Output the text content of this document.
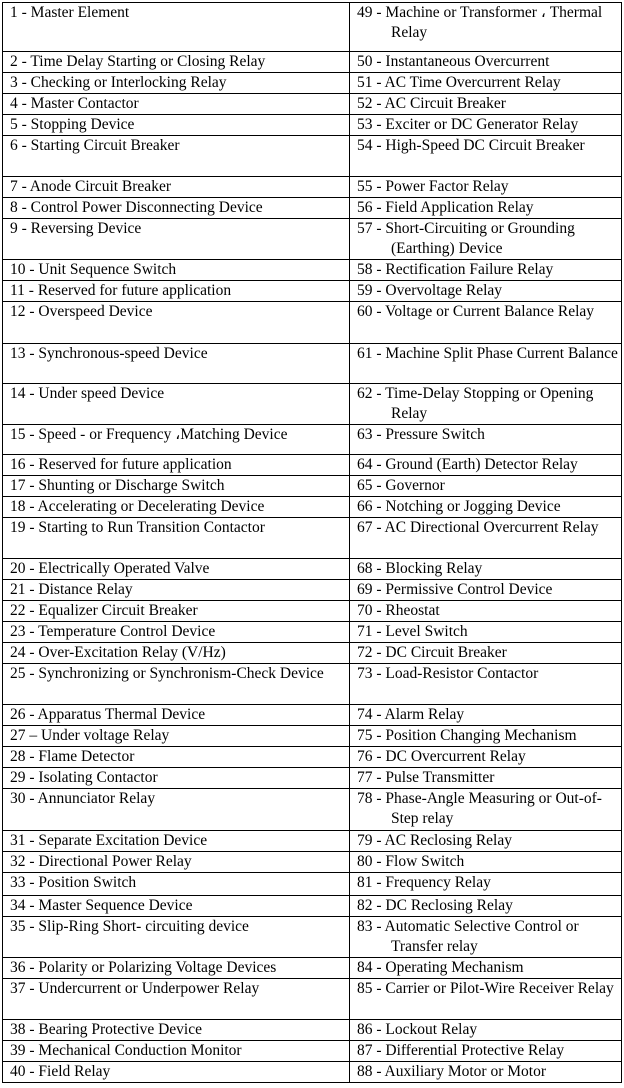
1 - Master Element	49 - Machine or Transformer ، Thermal Relay

2 - Time Delay Starting or Closing Relay	50 - Instantaneous Overcurrent

3 - Checking or Interlocking Relay	51 - AC Time Overcurrent Relay

4 - Master Contactor	52 - AC Circuit Breaker

5 - Stopping Device	53 - Exciter or DC Generator Relay

6 - Starting Circuit Breaker	54 - High-Speed DC Circuit Breaker

7 - Anode Circuit Breaker	55 - Power Factor Relay

8 - Control Power Disconnecting Device	56 - Field Application Relay

9 - Reversing Device	57 - Short-Circuiting or Grounding (Earthing) Device

10 - Unit Sequence Switch	58 - Rectification Failure Relay

11 - Reserved for future application	59 - Overvoltage Relay

12 - Overspeed Device	60 - Voltage or Current Balance Relay

13 - Synchronous-speed Device	61 - Machine Split Phase Current Balance

14 - Under speed Device	62 - Time-Delay Stopping or Opening Relay

15 - Speed - or Frequency ،Matching Device	63 - Pressure Switch

16 - Reserved for future application	64 - Ground (Earth) Detector Relay

17 - Shunting or Discharge Switch	65 - Governor

18 - Accelerating or Decelerating Device	66 - Notching or Jogging Device

19 - Starting to Run Transition Contactor	67 - AC Directional Overcurrent Relay

20 - Electrically Operated Valve	68 - Blocking Relay

21 - Distance Relay	69 - Permissive Control Device

22 - Equalizer Circuit Breaker	70 - Rheostat

23 - Temperature Control Device	71 - Level Switch

24 - Over-Excitation Relay (V/Hz)	72 - DC Circuit Breaker

25 - Synchronizing or Synchronism-Check Device	73 - Load-Resistor Contactor

26 - Apparatus Thermal Device	74 - Alarm Relay

27 – Under voltage Relay	75 - Position Changing Mechanism

28 - Flame Detector	76 - DC Overcurrent Relay

29 - Isolating Contactor	77 - Pulse Transmitter

30 - Annunciator Relay	78 - Phase-Angle Measuring or Out-of-Step relay

31 - Separate Excitation Device	79 - AC Reclosing Relay

32 - Directional Power Relay	80 - Flow Switch

33 - Position Switch	81 - Frequency Relay

34 - Master Sequence Device	82 - DC Reclosing Relay

35 - Slip-Ring Short- circuiting device	83 - Automatic Selective Control or Transfer relay

36 - Polarity or Polarizing Voltage Devices	84 - Operating Mechanism

37 - Undercurrent or Underpower Relay	85 - Carrier or Pilot-Wire Receiver Relay

38 - Bearing Protective Device	86 - Lockout Relay

39 - Mechanical Conduction Monitor	87 - Differential Protective Relay

40 - Field Relay	88 - Auxiliary Motor or Motor
